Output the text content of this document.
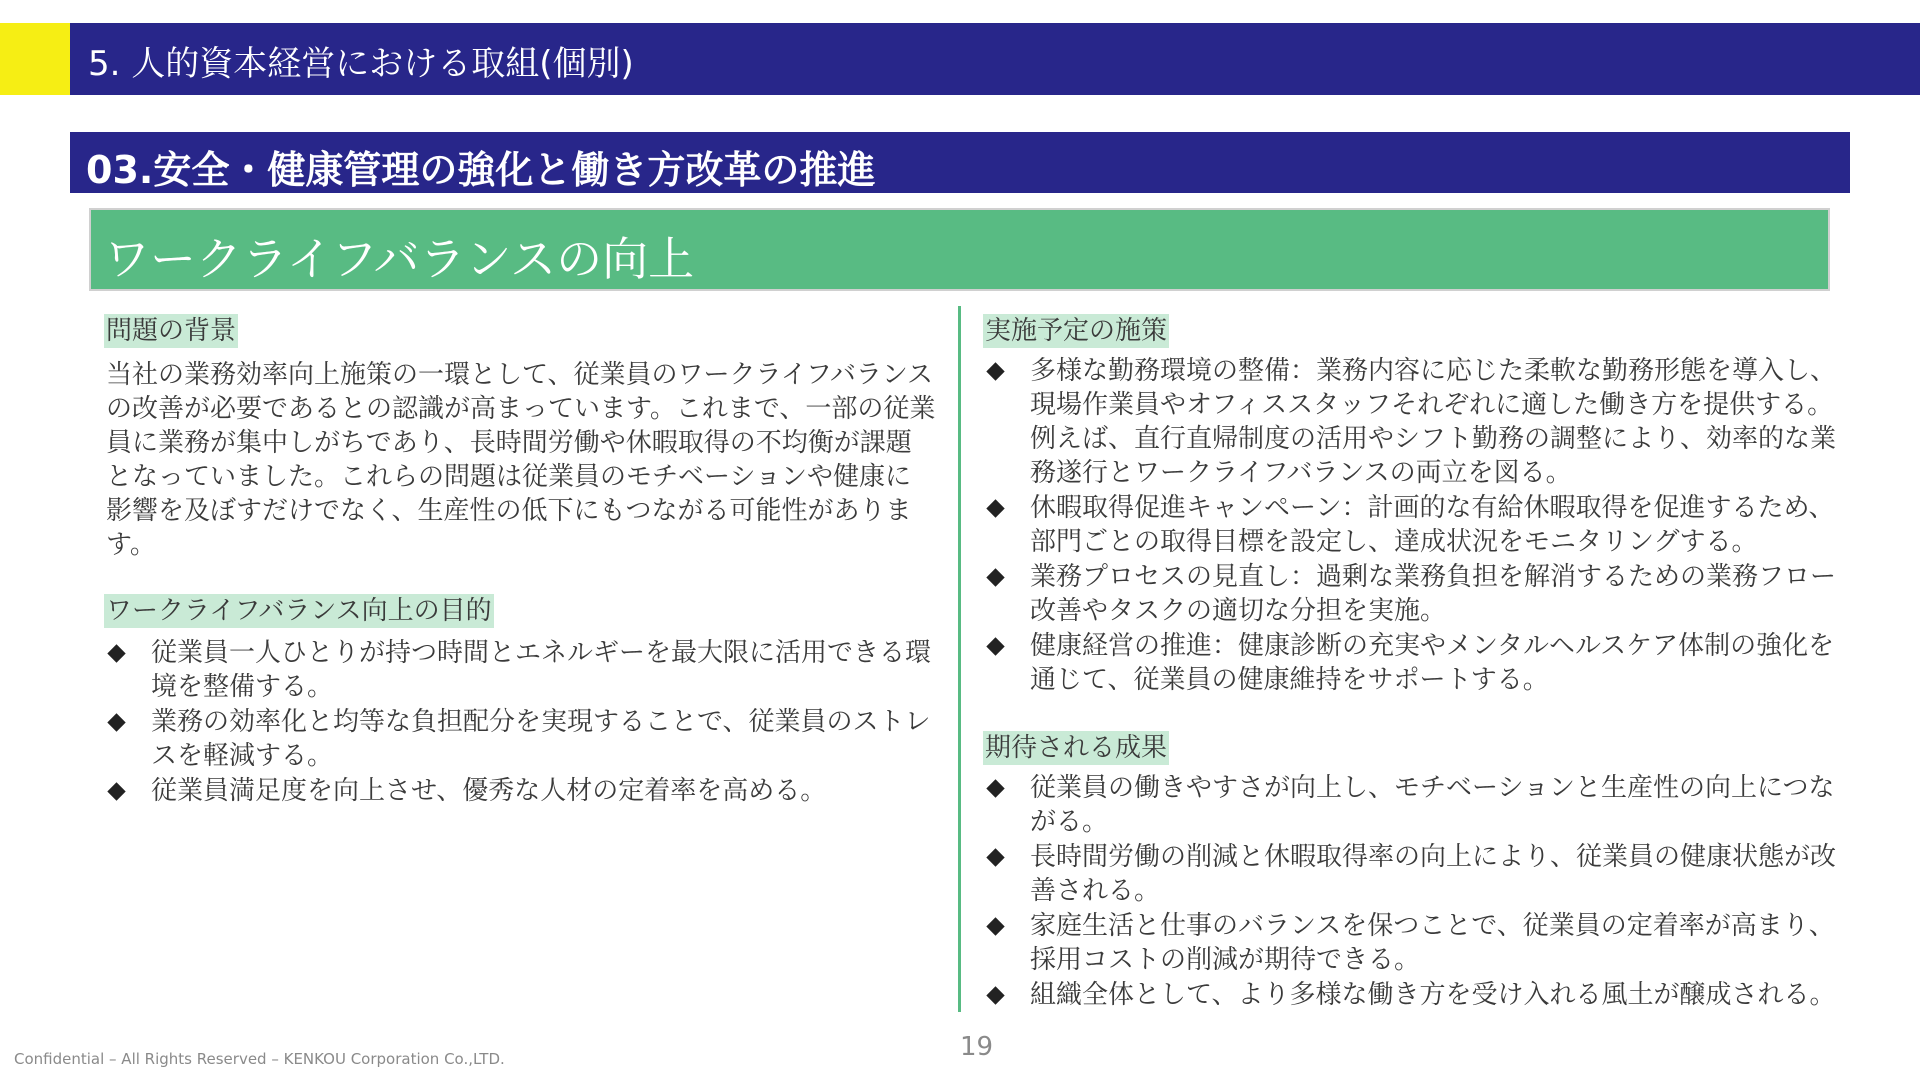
5. 人的資本経営における取組(個別)
03.安全・健康管理の強化と働き方改革の推進
ワークライフバランスの向上
問題の背景

当社の業務効率向上施策の一環として、従業員のワークライフバランスの改善が必要であるとの認識が高まっています。これまで、一部の従業員に業務が集中しがちであり、長時間労働や休暇取得の不均衡が課題となっていました。これらの問題は従業員のモチベーションや健康に影響を及ぼすだけでなく、生産性の低下にもつながる可能性があります。

ワークライフバランス向上の目的
従業員一人ひとりが持つ時間とエネルギーを最大限に活用できる環境を整備する。
業務の効率化と均等な負担配分を実現することで、従業員のストレスを軽減する。
従業員満足度を向上させ、優秀な人材の定着率を高める。
実施予定の施策
多様な勤務環境の整備：業務内容に応じた柔軟な勤務形態を導入し、現場作業員やオフィススタッフそれぞれに適した働き方を提供する。例えば、直行直帰制度の活用やシフト勤務の調整により、効率的な業務遂行とワークライフバランスの両立を図る。
休暇取得促進キャンペーン：計画的な有給休暇取得を促進するため、部門ごとの取得目標を設定し、達成状況をモニタリングする。
業務プロセスの見直し：過剰な業務負担を解消するための業務フロー改善やタスクの適切な分担を実施。
健康経営の推進：健康診断の充実やメンタルヘルスケア体制の強化を通じて、従業員の健康維持をサポートする。
期待される成果
従業員の働きやすさが向上し、モチベーションと生産性の向上につながる。
長時間労働の削減と休暇取得率の向上により、従業員の健康状態が改善される。
家庭生活と仕事のバランスを保つことで、従業員の定着率が高まり、採用コストの削減が期待できる。
組織全体として、より多様な働き方を受け入れる風土が醸成される。
Confidential – All Rights Reserved – KENKOU Corporation Co.,LTD.	19
